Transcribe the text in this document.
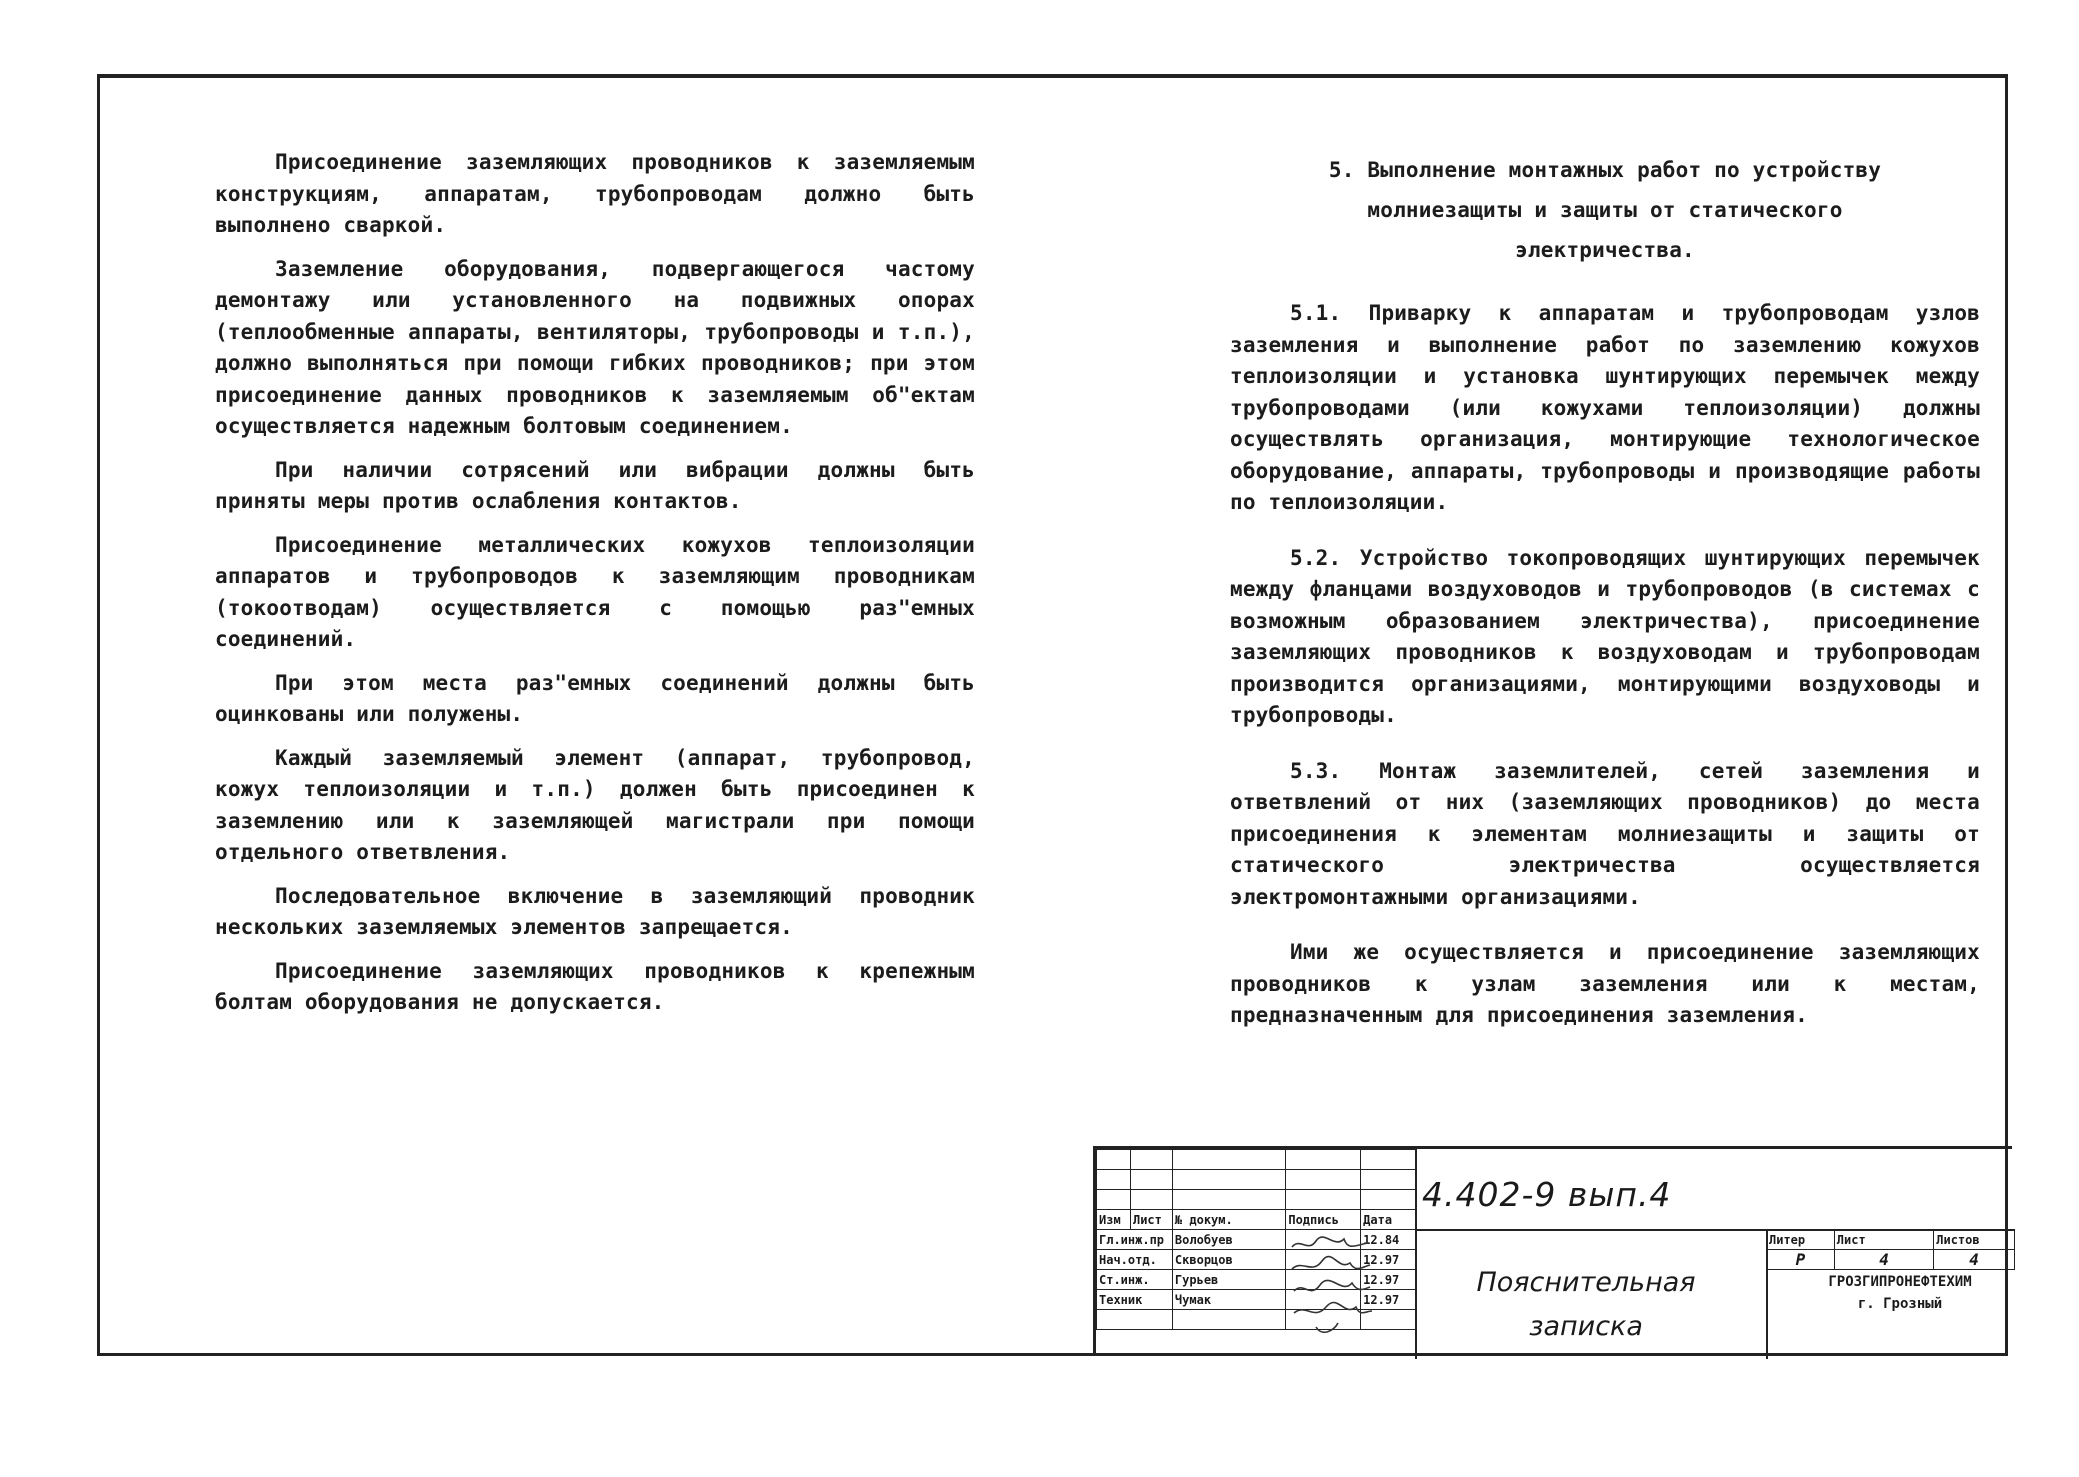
Присоединение заземляющих проводников к заземляемым конструкциям, аппаратам, трубопроводам должно быть выполнено сваркой.

Заземление оборудования, подвергающегося частому демонтажу или установленного на подвижных опорах (теплообменные аппараты, вентиляторы, трубопроводы и т.п.), должно выполняться при помощи гибких проводников; при этом присоединение данных проводников к заземляемым об"ектам осуществляется надежным болтовым соединением.

При наличии сотрясений или вибрации должны быть приняты меры против ослабления контактов.

Присоединение металлических кожухов теплоизоляции аппаратов и трубопроводов к заземляющим проводникам (токоотводам) осуществляется с помощью раз"емных соединений.

При этом места раз"емных соединений должны быть оцинкованы или полужены.

Каждый заземляемый элемент (аппарат, трубопровод, кожух теплоизоляции и т.п.) должен быть присоединен к заземлению или к заземляющей магистрали при помощи отдельного ответвления.

Последовательное включение в заземляющий проводник нескольких заземляемых элементов запрещается.

Присоединение заземляющих проводников к крепежным болтам оборудования не допускается.

5. Выполнение монтажных работ по устройству молниезащиты и защиты от статического электричества.

5.1. Приварку к аппаратам и трубопроводам узлов заземления и выполнение работ по заземлению кожухов теплоизоляции и установка шунтирующих перемычек между трубопроводами (или кожухами теплоизоляции) должны осуществлять организация, монтирующие технологическое оборудование, аппараты, трубопроводы и производящие работы по теплоизоляции.

5.2. Устройство токопроводящих шунтирующих перемычек между фланцами воздуховодов и трубопроводов (в системах с возможным образованием электричества), присоединение заземляющих проводников к воздуховодам и трубопроводам производится организациями, монтирующими воздуховоды и трубопроводы.

5.3. Монтаж заземлителей, сетей заземления и ответвлений от них (заземляющих проводников) до места присоединения к элементам молниезащиты и защиты от статического электричества осуществляется электромонтажными организациями.

Ими же осуществляется и присоединение заземляющих проводников к узлам заземления или к местам, предназначенным для присоединения заземления.

Изм	Лист	№ докум.	Подпись	Дата
Гл.инж.пр		Волобуев		12.84
Нач.отд.		Скворцов		12.97
Ст.инж.		Гурьев		12.97
Техник		Чумак		12.97

4.402-9 вып.4
Пояснительная
записка
Литер	Лист	Листов
Р	4	4
ГРОЗГИПРОНЕФТЕХИМ
г. Грозный
